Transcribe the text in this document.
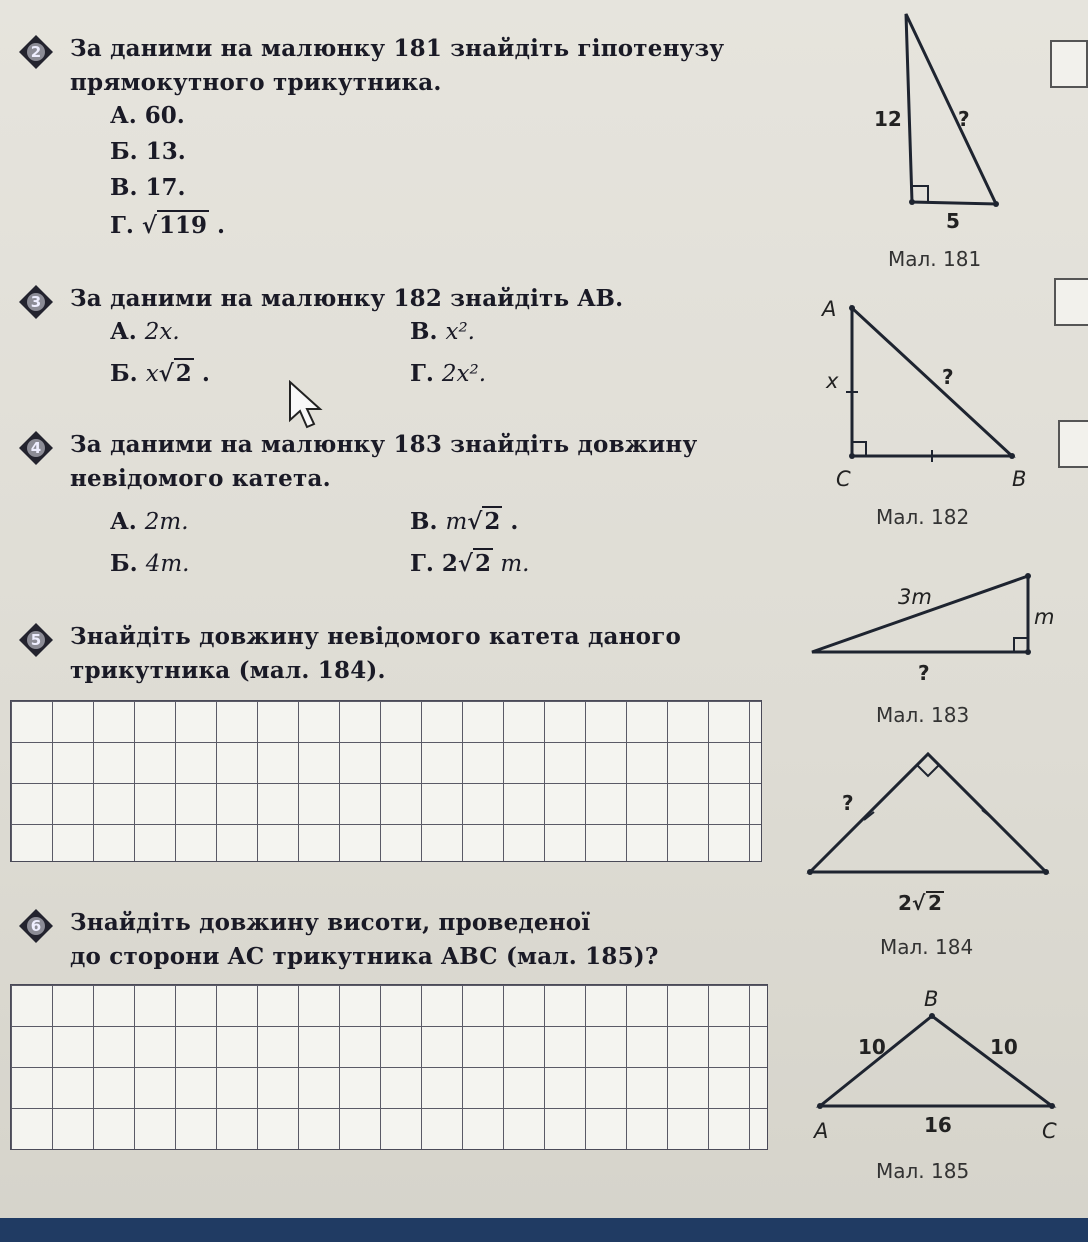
2	За даними на малюнку 181 знайдіть гіпотенузу
прямокутного трикутника.
А. 60.
Б. 13.
В. 17.
Г. √119 .
3	За даними на малюнку 182 знайдіть AB.
А. 2x.	В. x².
Б. x√2 .	Г. 2x².
4	За даними на малюнку 183 знайдіть довжину
невідомого катета.
А. 2m.	В. m√2 .
Б. 4m.	Г. 2√2 m.
5	Знайдіть довжину невідомого катета даного
трикутника (мал. 184).
6	Знайдіть довжину висоти, проведеної
до сторони AC трикутника ABC (мал. 185)?
12	?
5
Мал. 181
A
C	B
x	?
Мал. 182
3m
m
?
Мал. 183
?
2 √ 2
Мал. 184
B
A	C
10	10
16
Мал. 185
